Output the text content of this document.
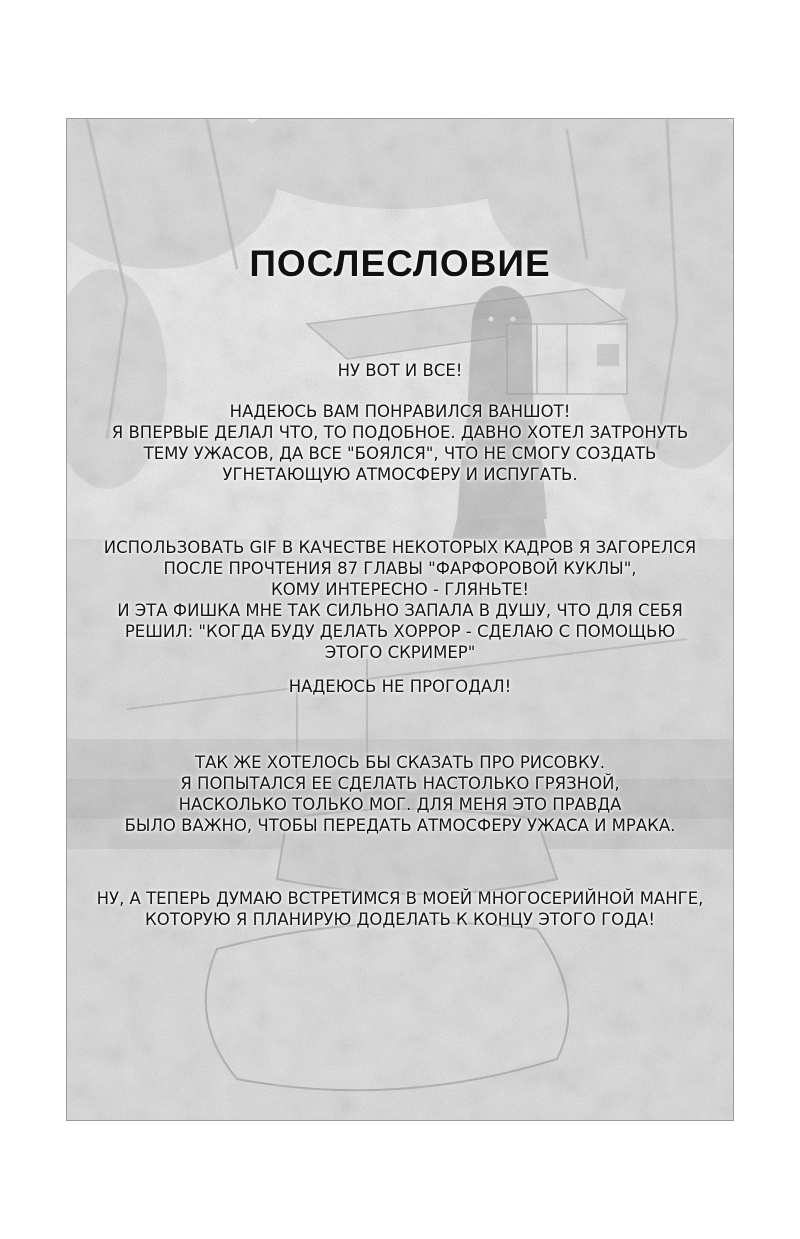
ПОСЛЕСЛОВИЕ
НУ ВОТ И ВСЕ!
НАДЕЮСЬ ВАМ ПОНРАВИЛСЯ ВАНШОТ!
Я ВПЕРВЫЕ ДЕЛАЛ ЧТО, ТО ПОДОБНОЕ. ДАВНО ХОТЕЛ ЗАТРОНУТЬ
ТЕМУ УЖАСОВ, ДА ВСЕ "БОЯЛСЯ", ЧТО НЕ СМОГУ СОЗДАТЬ
УГНЕТАЮЩУЮ АТМОСФЕРУ И ИСПУГАТЬ.
ИСПОЛЬЗОВАТЬ GIF В КАЧЕСТВЕ НЕКОТОРЫХ КАДРОВ Я ЗАГОРЕЛСЯ
ПОСЛЕ ПРОЧТЕНИЯ 87 ГЛАВЫ "ФАРФОРОВОЙ КУКЛЫ",
КОМУ ИНТЕРЕСНО - ГЛЯНЬТЕ!
И ЭТА ФИШКА МНЕ ТАК СИЛЬНО ЗАПАЛА В ДУШУ, ЧТО ДЛЯ СЕБЯ
РЕШИЛ: "КОГДА БУДУ ДЕЛАТЬ ХОРРОР - СДЕЛАЮ С ПОМОЩЬЮ
ЭТОГО СКРИМЕР"
НАДЕЮСЬ НЕ ПРОГОДАЛ!
ТАК ЖЕ ХОТЕЛОСЬ БЫ СКАЗАТЬ ПРО РИСОВКУ.
Я ПОПЫТАЛСЯ ЕЕ СДЕЛАТЬ НАСТОЛЬКО ГРЯЗНОЙ,
НАСКОЛЬКО ТОЛЬКО МОГ. ДЛЯ МЕНЯ ЭТО ПРАВДА
БЫЛО ВАЖНО, ЧТОБЫ ПЕРЕДАТЬ АТМОСФЕРУ УЖАСА И МРАКА.
НУ, А ТЕПЕРЬ ДУМАЮ ВСТРЕТИМСЯ В МОЕЙ МНОГОСЕРИЙНОЙ МАНГЕ,
КОТОРУЮ Я ПЛАНИРУЮ ДОДЕЛАТЬ К КОНЦУ ЭТОГО ГОДА!
